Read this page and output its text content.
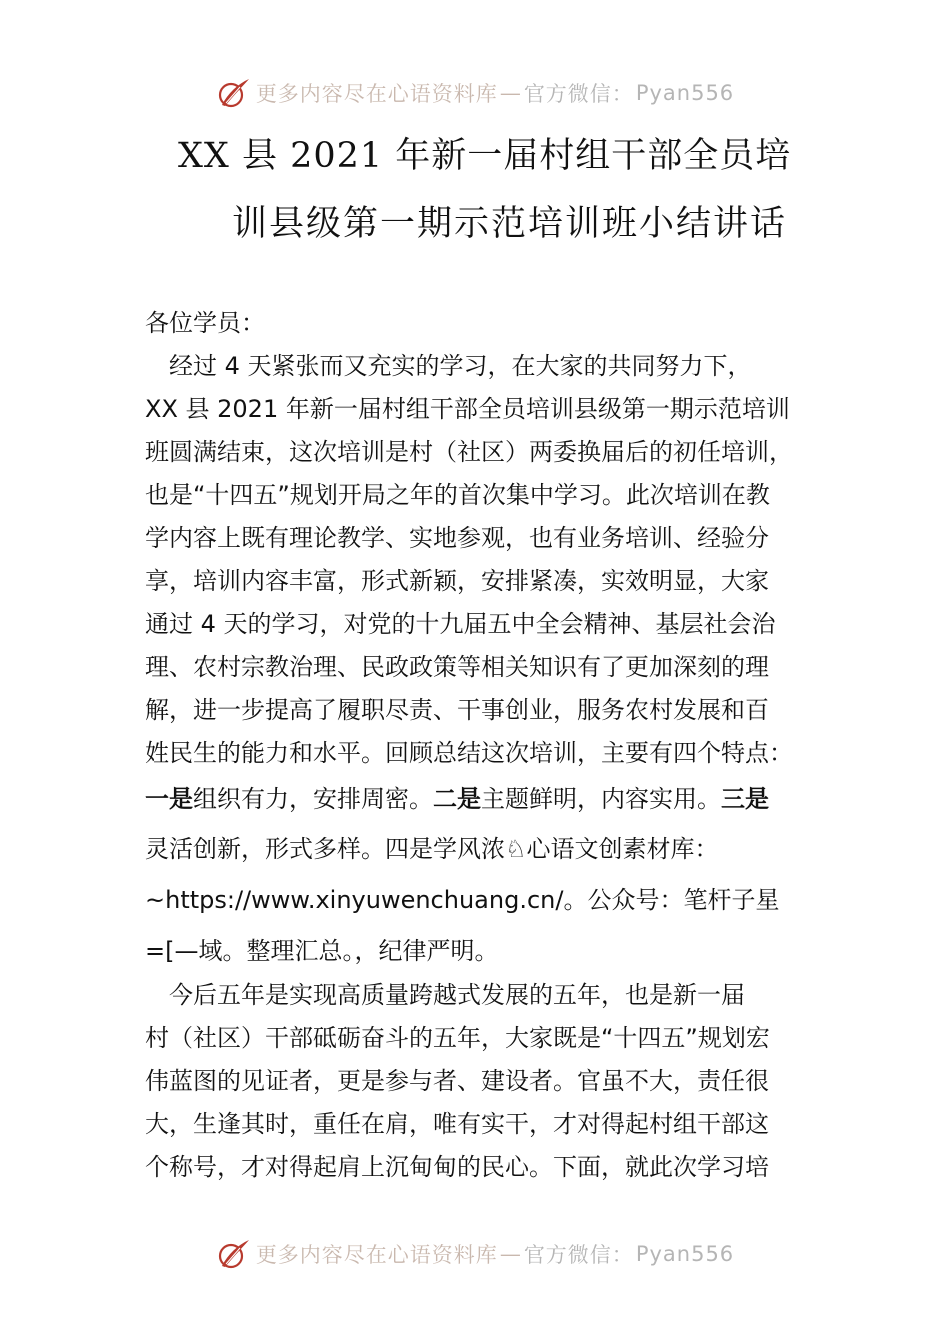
更多内容尽在心语资料库 — 官方微信： Pyan556
XX 县 2021 年新一届村组干部全员培
训县级第一期示范培训班小结讲话
各位学员：
　经过 4 天紧张而又充实的学习，在大家的共同努力下，
XX 县 2021 年新一届村组干部全员培训县级第一期示范培训
班圆满结束，这次培训是村（社区）两委换届后的初任培训，
也是“十四五”规划开局之年的首次集中学习。此次培训在教
学内容上既有理论教学、实地参观，也有业务培训、经验分
享，培训内容丰富，形式新颖，安排紧凑，实效明显，大家
通过 4 天的学习，对党的十九届五中全会精神、基层社会治
理、农村宗教治理、民政政策等相关知识有了更加深刻的理
解，进一步提高了履职尽责、干事创业，服务农村发展和百
姓民生的能力和水平。回顾总结这次培训，主要有四个特点：
一是组织有力，安排周密。二是主题鲜明，内容实用。三是
灵活创新，形式多样。四是学风浓♘心语文创素材库：
~https://www.xinyuwenchuang.cn/。公众号：笔杆子星
=[—域。整理汇总。，纪律严明。
　今后五年是实现高质量跨越式发展的五年，也是新一届
村（社区）干部砥砺奋斗的五年，大家既是“十四五”规划宏
伟蓝图的见证者，更是参与者、建设者。官虽不大，责任很
大，生逢其时，重任在肩，唯有实干，才对得起村组干部这
个称号，才对得起肩上沉甸甸的民心。下面，就此次学习培
更多内容尽在心语资料库 — 官方微信： Pyan556
